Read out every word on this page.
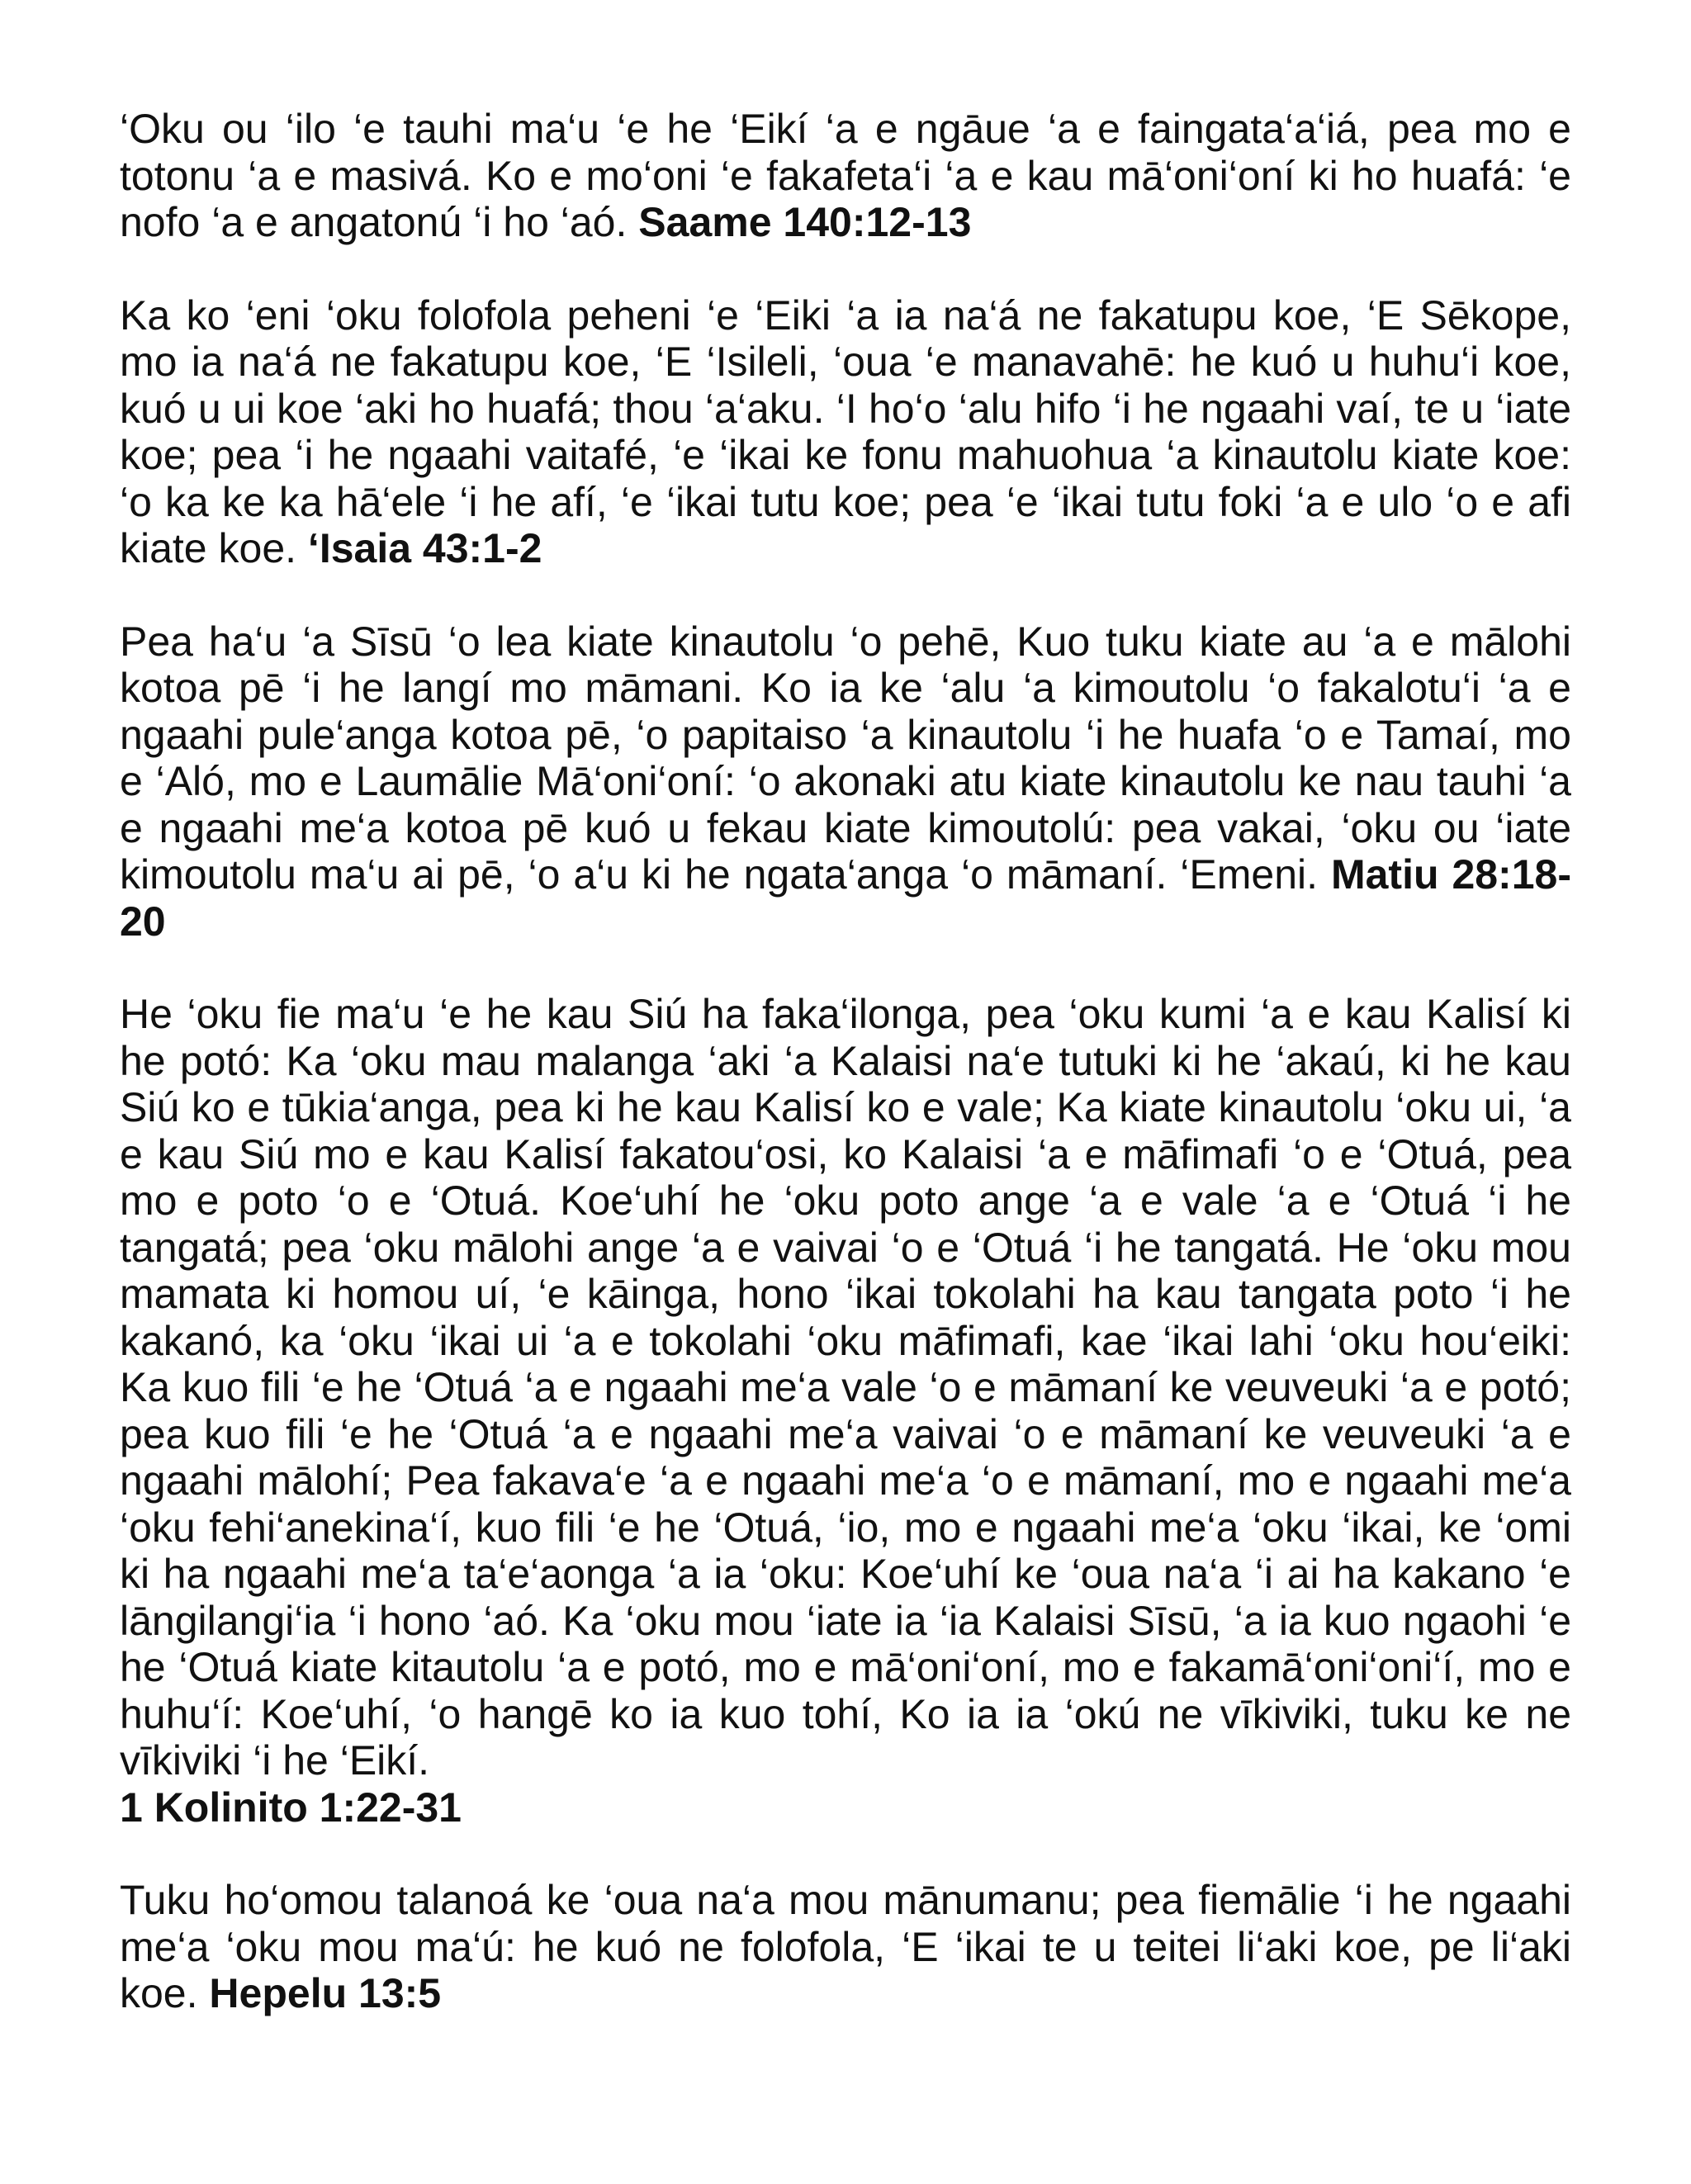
‘Oku ou ‘ilo ‘e tauhi ma‘u ‘e he ‘Eikí ‘a e ngāue ‘a e faingata‘a‘iá, pea mo e totonu ‘a e masivá. Ko e mo‘oni ‘e fakafeta‘i ‘a e kau mā‘oni‘oní ki ho huafá: ‘e nofo ‘a e angatonú ‘i ho ‘aó. Saame 140:12-13

Ka ko ‘eni ‘oku folofola peheni ‘e ‘Eiki ‘a ia na‘á ne fakatupu koe, ‘E Sēkope, mo ia na‘á ne fakatupu koe, ‘E ‘Isileli, ‘oua ‘e manavahē: he kuó u huhu‘i koe, kuó u ui koe ‘aki ho huafá; thou ‘a‘aku. ‘I ho‘o ‘alu hifo ‘i he ngaahi vaí, te u ‘iate koe; pea ‘i he ngaahi vaitafé, ‘e ‘ikai ke fonu mahuohua ‘a kinautolu kiate koe: ‘o ka ke ka hā‘ele ‘i he afí, ‘e ‘ikai tutu koe; pea ‘e ‘ikai tutu foki ‘a e ulo ‘o e afi kiate koe. ‘Isaia 43:1-2

Pea ha‘u ‘a Sīsū ‘o lea kiate kinautolu ‘o pehē, Kuo tuku kiate au ‘a e mālohi kotoa pē ‘i he langí mo māmani. Ko ia ke ‘alu ‘a kimoutolu ‘o fakalotu‘i ‘a e ngaahi pule‘anga kotoa pē, ‘o papitaiso ‘a kinautolu ‘i he huafa ‘o e Tamaí, mo e ‘Aló, mo e Laumālie Mā‘oni‘oní: ‘o akonaki atu kiate kinautolu ke nau tauhi ‘a e ngaahi me‘a kotoa pē kuó u fekau kiate kimoutolú: pea vakai, ‘oku ou ‘iate kimoutolu ma‘u ai pē, ‘o a‘u ki he ngata‘anga ‘o māmaní. ‘Emeni. Matiu 28:18-20

He ‘oku fie ma‘u ‘e he kau Siú ha faka‘ilonga, pea ‘oku kumi ‘a e kau Kalisí ki he potó: Ka ‘oku mau malanga ‘aki ‘a Kalaisi na‘e tutuki ki he ‘akaú, ki he kau Siú ko e tūkia‘anga, pea ki he kau Kalisí ko e vale; Ka kiate kinautolu ‘oku ui, ‘a e kau Siú mo e kau Kalisí fakatou‘osi, ko Kalaisi ‘a e māfimafi ‘o e ‘Otuá, pea mo e poto ‘o e ‘Otuá. Koe‘uhí he ‘oku poto ange ‘a e vale ‘a e ‘Otuá ‘i he tangatá; pea ‘oku mālohi ange ‘a e vaivai ‘o e ‘Otuá ‘i he tangatá. He ‘oku mou mamata ki homou uí, ‘e kāinga, hono ‘ikai tokolahi ha kau tangata poto ‘i he kakanó, ka ‘oku ‘ikai ui ‘a e tokolahi ‘oku māfimafi, kae ‘ikai lahi ‘oku hou‘eiki: Ka kuo fili ‘e he ‘Otuá ‘a e ngaahi me‘a vale ‘o e māmaní ke veuveuki ‘a e potó; pea kuo fili ‘e he ‘Otuá ‘a e ngaahi me‘a vaivai ‘o e māmaní ke veuveuki ‘a e ngaahi mālohí; Pea fakava‘e ‘a e ngaahi me‘a ‘o e māmaní, mo e ngaahi me‘a ‘oku fehi‘anekina‘í, kuo fili ‘e he ‘Otuá, ‘io, mo e ngaahi me‘a ‘oku ‘ikai, ke ‘omi ki ha ngaahi me‘a ta‘e‘aonga ‘a ia ‘oku: Koe‘uhí ke ‘oua na‘a ‘i ai ha kakano ‘e lāngilangi‘ia ‘i hono ‘aó. Ka ‘oku mou ‘iate ia ‘ia Kalaisi Sīsū, ‘a ia kuo ngaohi ‘e he ‘Otuá kiate kitautolu ‘a e potó, mo e mā‘oni‘oní, mo e fakamā‘oni‘oni‘í, mo e huhu‘í: Koe‘uhí, ‘o hangē ko ia kuo tohí, Ko ia ia ‘okú ne vīkiviki, tuku ke ne vīkiviki ‘i he ‘Eikí.
1 Kolinito 1:22-31

Tuku ho‘omou talanoá ke ‘oua na‘a mou mānumanu; pea fiemālie ‘i he ngaahi me‘a ‘oku mou ma‘ú: he kuó ne folofola, ‘E ‘ikai te u teitei li‘aki koe, pe li‘aki koe. Hepelu 13:5
